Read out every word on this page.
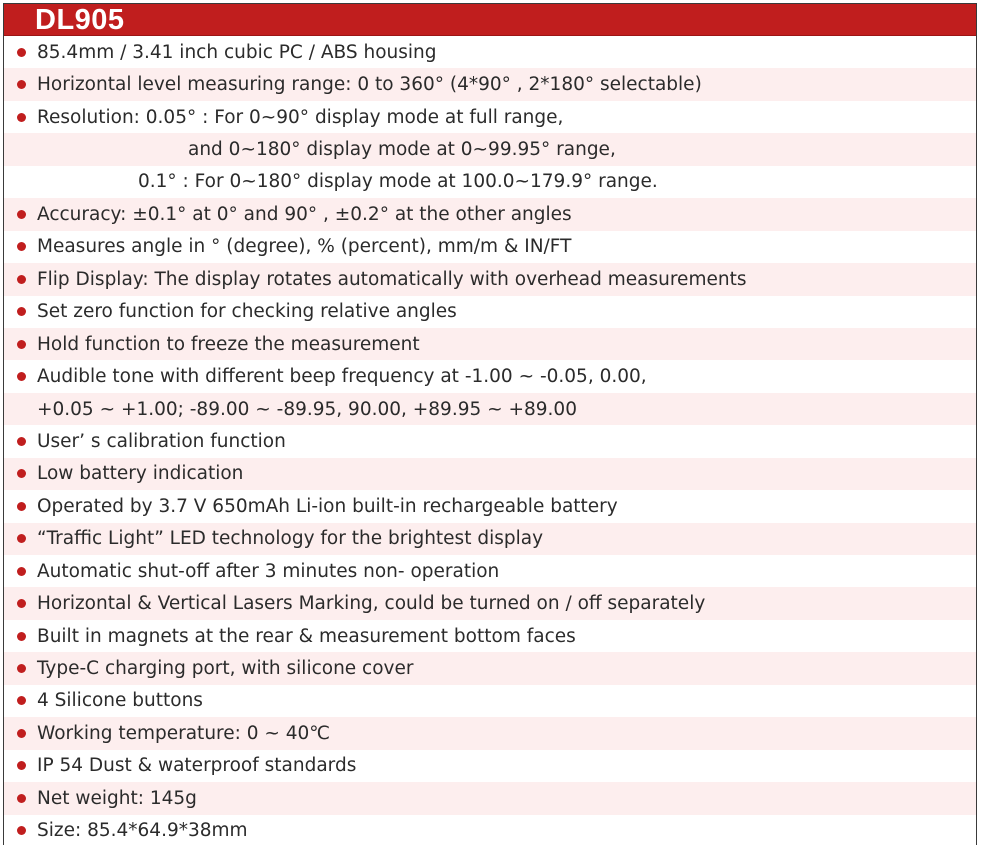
DL905
85.4mm / 3.41 inch cubic PC / ABS housing
Horizontal level measuring range: 0 to 360° (4*90° , 2*180° selectable)
Resolution: 0.05° : For 0~90° display mode at full range,
and 0~180° display mode at 0~99.95° range,
0.1° : For 0~180° display mode at 100.0~179.9° range.
Accuracy: ±0.1° at 0° and 90° , ±0.2° at the other angles
Measures angle in ° (degree), % (percent), mm/m & IN/FT
Flip Display: The display rotates automatically with overhead measurements
Set zero function for checking relative angles
Hold function to freeze the measurement
Audible tone with different beep frequency at -1.00 ~ -0.05, 0.00,
+0.05 ~ +1.00; -89.00 ~ -89.95, 90.00, +89.95 ~ +89.00
User’ s calibration function
Low battery indication
Operated by 3.7 V 650mAh Li-ion built-in rechargeable battery
“Traffic Light” LED technology for the brightest display
Automatic shut-off after 3 minutes non- operation
Horizontal & Vertical Lasers Marking, could be turned on / off separately
Built in magnets at the rear & measurement bottom faces
Type-C charging port, with silicone cover
4 Silicone buttons
Working temperature: 0 ~ 40℃
IP 54 Dust & waterproof standards
Net weight: 145g
Size: 85.4*64.9*38mm
